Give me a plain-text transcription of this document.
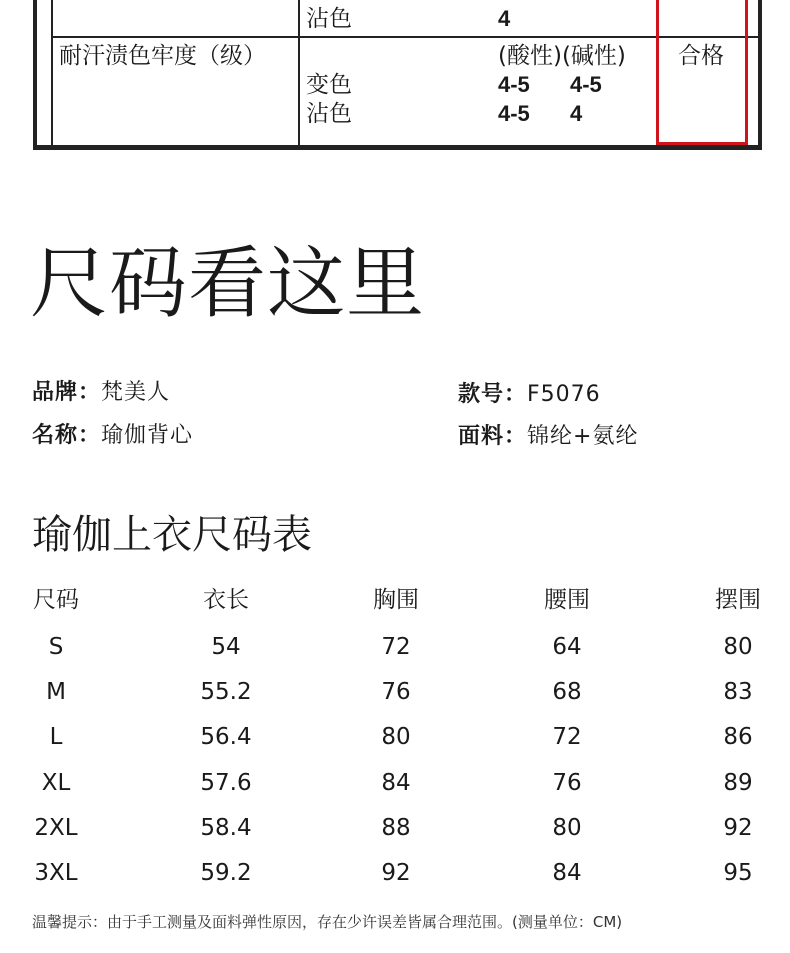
沾色	4
耐汗渍色牢度（级）	(酸性)(碱性) 合格
变色	4-5 4-5
沾色	4-5 4
尺码看这里
品牌：梵美人
名称：瑜伽背心
款号：F5076
面料：锦纶+氨纶
瑜伽上衣尺码表
尺码	衣长	胸围	腰围	摆围
S	54	72	64	80
M	55.2	76	68	83
L	56.4	80	72	86
XL	57.6	84	76	89
2XL	58.4	88	80	92
3XL	59.2	92	84	95
温馨提示：由于手工测量及面料弹性原因，存在少许误差皆属合理范围。(测量单位：CM)
